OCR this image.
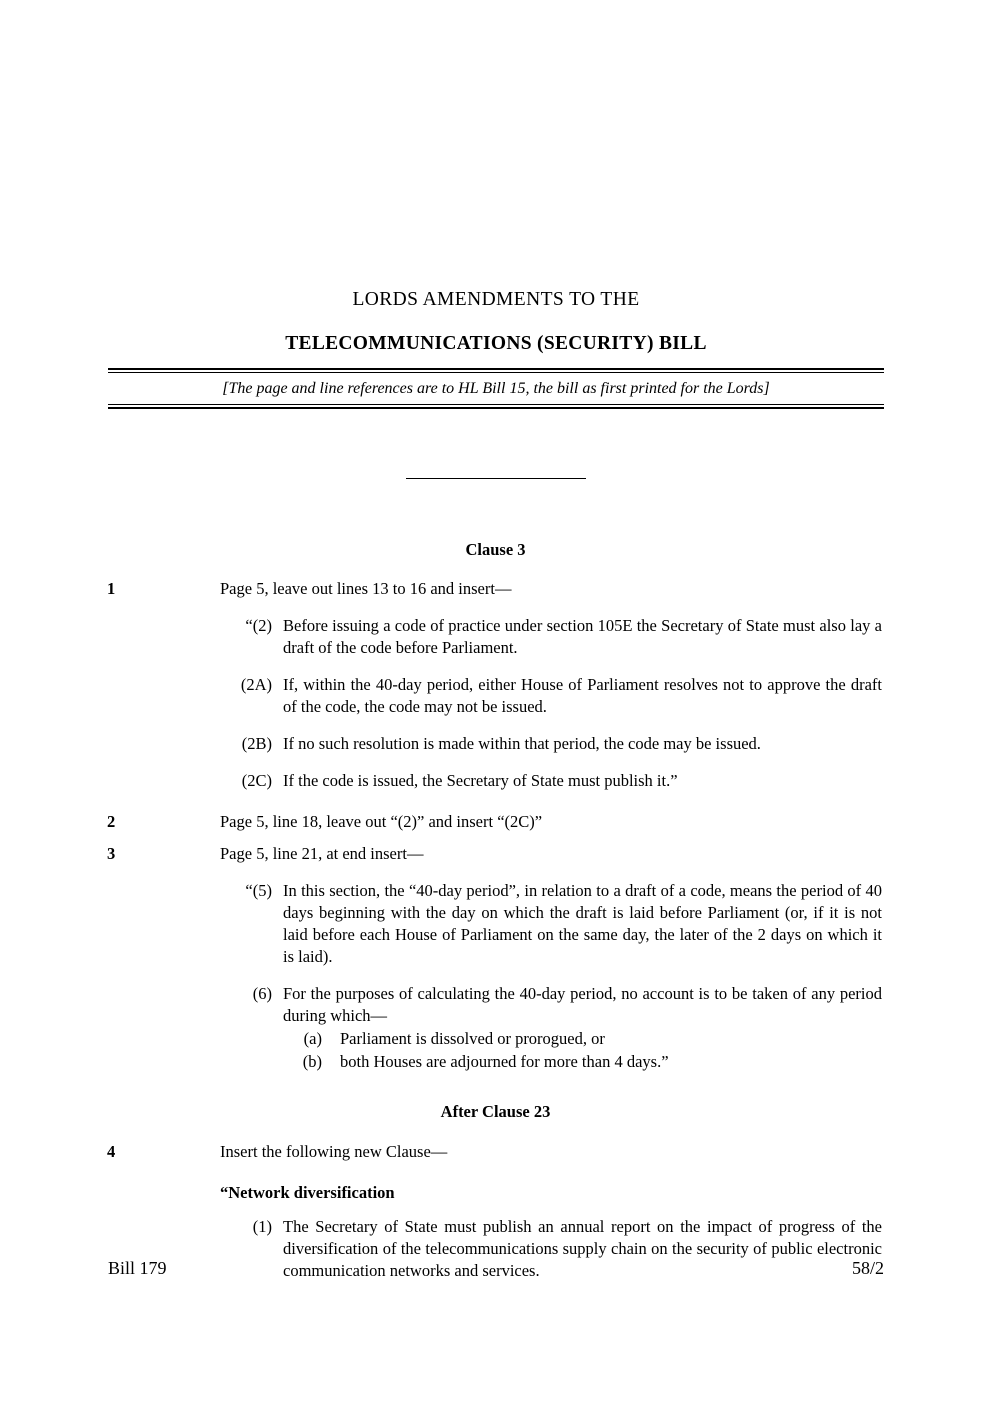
LORDS AMENDMENTS TO THE
TELECOMMUNICATIONS (SECURITY) BILL
[The page and line references are to HL Bill 15, the bill as first printed for the Lords]
Clause 3
1	Page 5, leave out lines 13 to 16 and insert—
“(2) Before issuing a code of practice under section 105E the Secretary of State must also lay a draft of the code before Parliament.
(2A) If, within the 40-day period, either House of Parliament resolves not to approve the draft of the code, the code may not be issued.
(2B) If no such resolution is made within that period, the code may be issued.
(2C) If the code is issued, the Secretary of State must publish it.”
2	Page 5, line 18, leave out “(2)” and insert “(2C)”
3	Page 5, line 21, at end insert—
“(5) In this section, the “40-day period”, in relation to a draft of a code, means the period of 40 days beginning with the day on which the draft is laid before Parliament (or, if it is not laid before each House of Parliament on the same day, the later of the 2 days on which it is laid).
(6) For the purposes of calculating the 40-day period, no account is to be taken of any period during which—
(a) Parliament is dissolved or prorogued, or
(b) both Houses are adjourned for more than 4 days.”
After Clause 23
4	Insert the following new Clause—
“Network diversification
(1) The Secretary of State must publish an annual report on the impact of progress of the diversification of the telecommunications supply chain on the security of public electronic communication networks and services.
Bill 179	58/2
